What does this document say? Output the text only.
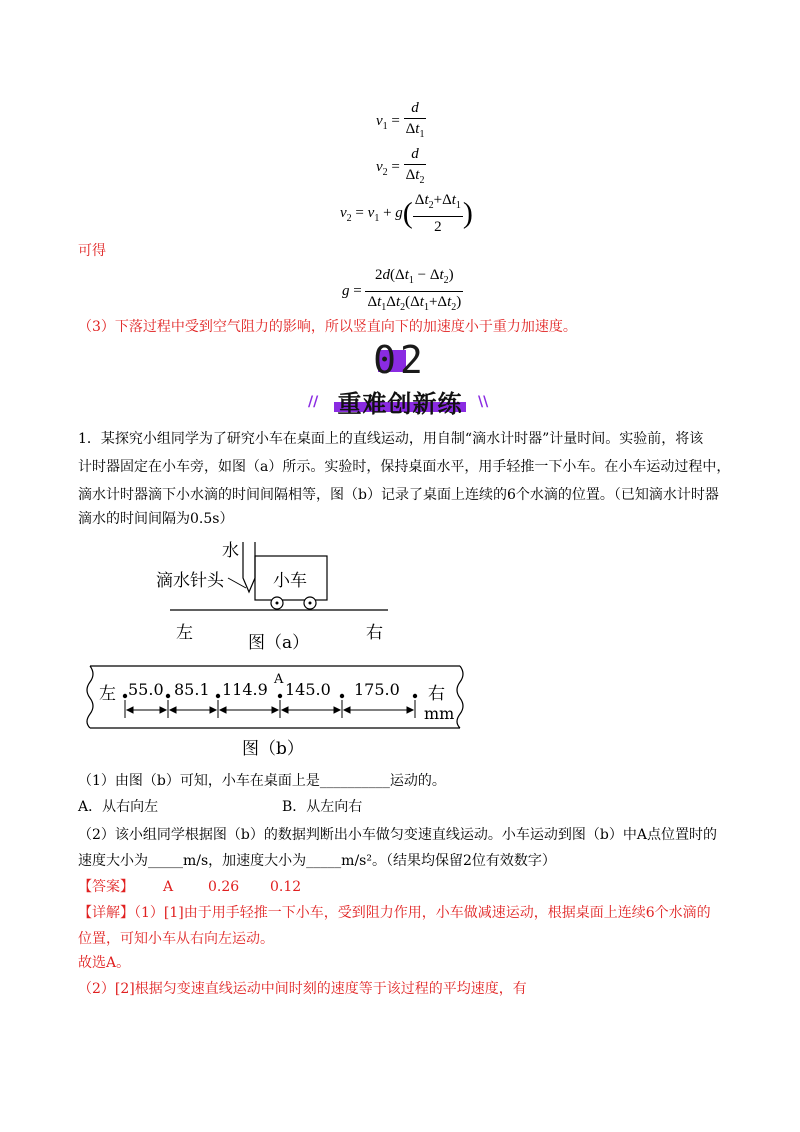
$v_1 = \frac{d}{\Delta t_1}$
$v_2 = \frac{d}{\Delta t_2}$
$v_2 = v_1 + g( \frac{\Delta t_2+\Delta t_1}{2}$ )
可得
$g = \frac{2d(\Delta t_1 - \Delta t_2)}{\Delta t_1\Delta t_2(\Delta t_1+\Delta t_2)}$
（3）下落过程中受到空气阻力的影响，所以竖直向下的加速度小于重力加速度。
02
//	\\
重难创新练
1．某探究小组同学为了研究小车在桌面上的直线运动，用自制“滴水计时器”计量时间。实验前，将该
计时器固定在小车旁，如图（a）所示。实验时，保持桌面水平，用手轻推一下小车。在小车运动过程中，
滴水计时器滴下小水滴的时间间隔相等，图（b）记录了桌面上连续的6个水滴的位置。（已知滴水计时器
滴水的时间间隔为0.5s）
水
滴水针头	小车
左	右
图（a）
左 55.0 85.1 114.9
A
145.0 175.0 右
mm
图（b）
（1）由图（b）可知，小车在桌面上是__________运动的。
A．从右向左	B．从左向右
（2）该小组同学根据图（b）的数据判断出小车做匀变速直线运动。小车运动到图（b）中A点位置时的
速度大小为_____m/s，加速度大小为_____m/s²。（结果均保留2位有效数字）
【答案】 A 0.26 0.12
【详解】（1）[1]由于用手轻推一下小车，受到阻力作用，小车做减速运动，根据桌面上连续6个水滴的
位置，可知小车从右向左运动。
故选A。
（2）[2]根据匀变速直线运动中间时刻的速度等于该过程的平均速度，有
